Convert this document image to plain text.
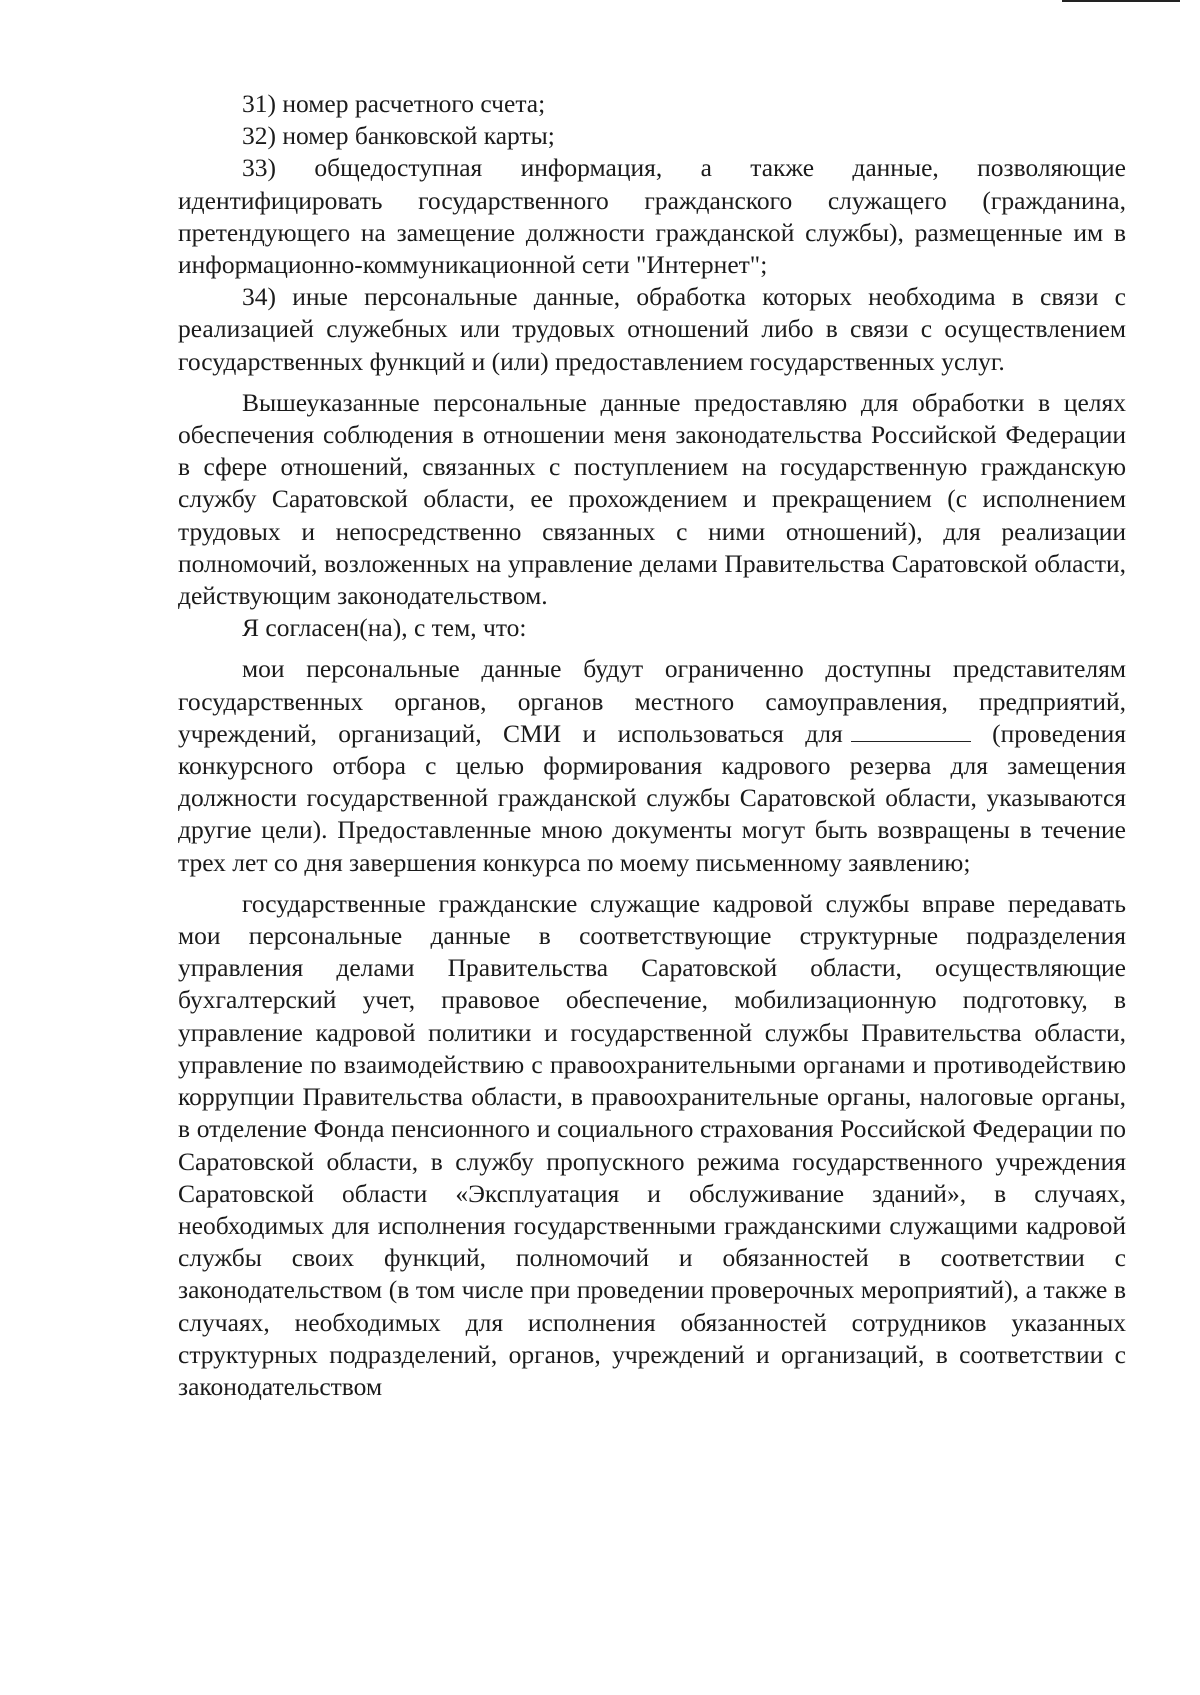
31) номер расчетного счета;

32) номер банковской карты;

33) общедоступная информация, а также данные, позволяющие идентифицировать государственного гражданского служащего (гражданина, претендующего на замещение должности гражданской службы), размещенные им в информационно-коммуникационной сети "Интернет";

34) иные персональные данные, обработка которых необходима в связи с реализацией служебных или трудовых отношений либо в связи с осуществлением государственных функций и (или) предоставлением государственных услуг.

Вышеуказанные персональные данные предоставляю для обработки в целях обеспечения соблюдения в отношении меня законодательства Российской Федерации в сфере отношений, связанных с поступлением на государственную гражданскую службу Саратовской области, ее прохождением и прекращением (с исполнением трудовых и непосредственно связанных с ними отношений), для реализации полномочий, возложенных на управление делами Правительства Саратовской области, действующим законодательством.

Я согласен(на), с тем, что:

мои персональные данные будут ограниченно доступны представителям государственных органов, органов местного самоуправления, предприятий, учреждений, организаций, СМИ и использоваться для	(проведения конкурсного отбора с целью формирования кадрового резерва для замещения должности государственной гражданской службы Саратовской области, указываются другие цели). Предоставленные мною документы могут быть возвращены в течение трех лет со дня завершения конкурса по моему письменному заявлению;

государственные гражданские служащие кадровой службы вправе передавать мои персональные данные в соответствующие структурные подразделения управления делами Правительства Саратовской области, осуществляющие бухгалтерский учет, правовое обеспечение, мобилизационную подготовку, в управление кадровой политики и государственной службы Правительства области, управление по взаимодействию с правоохранительными органами и противодействию коррупции Правительства области, в правоохранительные органы, налоговые органы, в отделение Фонда пенсионного и социального страхования Российской Федерации по Саратовской области, в службу пропускного режима государственного учреждения Саратовской области «Эксплуатация и обслуживание зданий», в случаях, необходимых для исполнения государственными гражданскими служащими кадровой службы своих функций, полномочий и обязанностей в соответствии с законодательством (в том числе при проведении проверочных мероприятий), а также в случаях, необходимых для исполнения обязанностей сотрудников указанных структурных подразделений, органов, учреждений и организаций, в соответствии с законодательством
